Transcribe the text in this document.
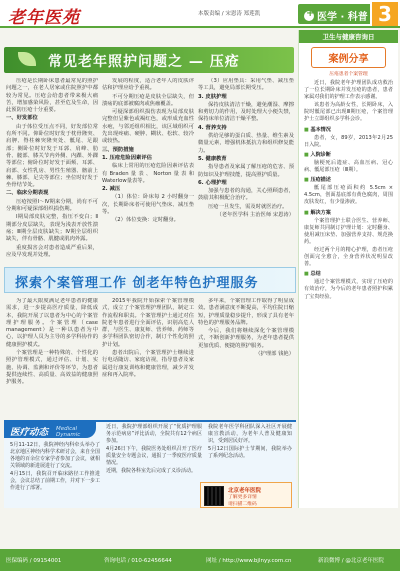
老年医苑	本版责编 / 宋恩涛 郑莲凯
+	医学 · 科普 3
常见老年照护问题之 — 压疮

压疮是长期卧床患者最常见的照护问题之一，在老人居家或住院照护中都较为常见。压疮会给患者带来极大痛苦，增加感染风险，甚至危及生命，因此预防压疮十分重要。

一、好发部位

由于体位受压点不同，好发部位常有所不同。仰卧位时好发于枕骨隆突、肩胛、脊柱棘突隆突处、骶尾、足跟部；侧卧位时好发于耳郭、肩峰、肋骨、髋部、膝关节内外侧、内踝、外踝等部位；俯卧位时好发于面颊、耳郭、肩部、女性乳房、男性生殖器、髂前上棘、膝部、足尖等部位；坐位时好发于坐骨结节处。

二、临床分期表现

压疮按照Ⅰ～Ⅳ期来分期，尚有不可分期和可疑深部组织损伤期。

Ⅰ期局部皮肤完整，指压不变白；Ⅱ期部分皮层缺失，表现为浅表开放性溃疡；Ⅲ期全层皮肤缺失；Ⅳ期全层组织缺失，伴有骨骼、肌腱或肌肉外露。

重度损害会对患者造成严重后果，应及早发现并处理。

发展的程度，适合老年人的皮肤评估和护理应给予重视。

不可分期压疮是皮肤全层缺失，但溃疡的底部被腐肉或焦痂覆盖。

可疑深部组织损伤表现为局部皮肤完整但呈紫色或褐红色，或形成充血性水疱，与邻近组织相比，该区域组织可先出现疼痛、硬肿、糊状、松软、较冷或较热。

三、预防措施

1. 压疮危险因素评估

临床上常用的压疮危险因素评估表有Braden量表、Norton量表和Waterlow量表等。

2. 减压

（1）体位：卧床每 2 小时翻身一次，长期卧床者可使用气垫床、减压垫等。

（2）体位变换：定时翻身。

（3）应用垫具：采用气垫、减压垫等工具，避免局部长期受压。

3. 皮肤护理

保持皮肤清洁干燥，避免潮湿、摩擦和剪切力的作用，及时处理大小便失禁，保持床单位清洁干燥平整。

4. 营养支持

供给足够的蛋白质、热量、维生素及微量元素，增强机体抵抗力和组织修复能力。

5. 健康教育

指导患者及家属了解压疮的危害、预防知识及护理技能，提高照护质量。

6. 心理护理

加强与患者的沟通，关心照顾患者，鼓励其积极配合治疗。

压疮一旦发生，需及时就医治疗。

（老年医学科 主治医师 宋恩涛）

探索个案管理工作 创老年特色护理服务

为了最大限度满足老年患者的健康需求，进一步提高医疗质量，降低成本，我院开展了以患者为中心的个案管理护理服务。个案管理（case management）是一种以患者为中心，以护理人员为主导的多学科协作的健康照护模式。

个案管理是一种特殊的、个性化的照护管理模式，通过评估、计划、实施、协调、监测和评价等环节，为患者提供连续性、高质量、高效益的健康照护服务。

2015年我院开始探索个案管理模式，成立了个案管理护理团队，制定工作流程和职责。个案管理护士通过对住院老年患者进行全面评估，识别高危人群，与医生、康复师、营养师、药师等多学科团队密切合作，制订个性化的照护计划。

患者出院后，个案管理护士继续进行电话随访、家庭访视，指导患者及家属进行康复训练和健康管理，减少并发症和再入院率。

多年来，个案管理工作取得了明显成效。患者满意度不断提高，平均住院日缩短，护理质量稳步提升，形成了具有老年特色的护理服务品牌。

今后，我们将继续深化个案管理模式，不断创新护理服务，为老年患者提供更加优质、便捷的照护服务。

（护理部 钱艳）

医疗动态 Medical Dynamic

5月11-12日，我院神经内科牵头举办了北京地区神经内科学术研讨会，来自全国各地的百余位专家学者参加了会议，就相关领域的新进展进行了交流。

4月15日，我院召开临床路径工作推进会，会议总结了前期工作，并对下一步工作进行了部署。

近日，我院护理部组织开展了“优质护理服务示范病房”评比活动，全院共有12个病区参加。

4月26日下午，我院医务处组织召开了医疗质量安全专题会议，通报了一季度医疗质量情况。

近期，我院各科室先后完成了义诊活动。

我院老年医学科团队深入社区开展健康宣教活动，为老年人普及健康知识，受到居民好评。

5月12日国际护士节期间，我院举办了系列纪念活动。

北京老年医院
了解更多详情
请扫描二维码
卫生与健康咨询日
案例分享
压疮患者个案管理

近日，我院老年护理团队成功救治了一位长期卧床并发压疮的患者，患者家属对我们的护理工作表示感谢。

该患者为高龄女性，长期卧床，入院时骶尾部已出现Ⅲ期压疮，个案管理护士立即组织多学科会诊。

■ 基本情况

患者，女，89岁，2013年2月25日入院。

■ 入院诊断

脑梗死后遗症、高血压病、冠心病、骶尾部压疮（Ⅲ期）。

■ 压疮描述

骶尾部压疮面积约 5.5cm × 4.5cm，创面基底部有黄色腐肉，周围皮肤发红，有少量渗液。

■ 解决方案

个案管理护士联合医生、营养师、康复师共同制订护理计划：定时翻身、使用减压床垫、加强营养支持、规范换药。

经过两个月的精心护理，患者压疮创面完全愈合，全身营养状况明显改善。

■ 总结

通过个案管理模式，实现了压疮的有效治疗，为今后的老年患者照护积累了宝贵经验。

医保编码 / 09154001	咨询电话 / 010-62456644	网址 / http://www.bjlnyy.com.cn	新浪微博 / @北京老年医院
